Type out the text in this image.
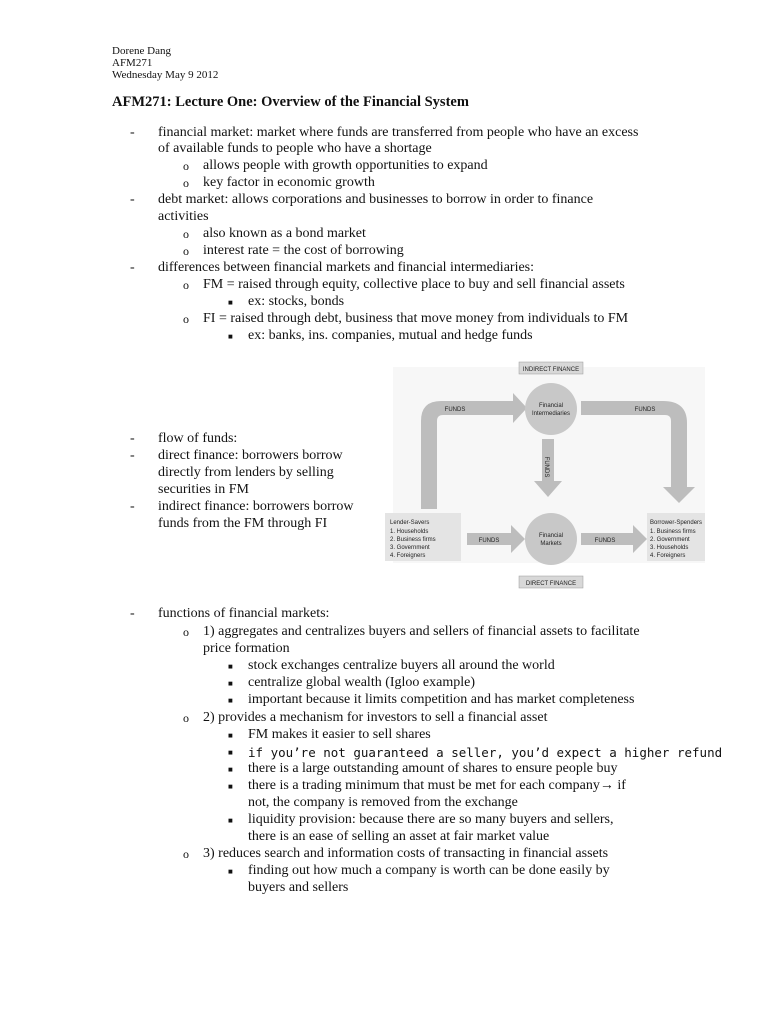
Dorene Dang
AFM271
Wednesday May 9 2012
AFM271: Lecture One: Overview of the Financial System
- financial market: market where funds are transferred from people who have an excess
of available funds to people who have a shortage
o allows people with growth opportunities to expand
o key factor in economic growth
- debt market: allows corporations and businesses to borrow in order to finance
activities
o also known as a bond market
o interest rate = the cost of borrowing
- differences between financial markets and financial intermediaries:
o FM = raised through equity, collective place to buy and sell financial assets
■ ex: stocks, bonds
o FI = raised through debt, business that move money from individuals to FM
■ ex: banks, ins. companies, mutual and hedge funds
- flow of funds:
- direct finance: borrowers borrow
directly from lenders by selling
securities in FM
- indirect finance: borrowers borrow
funds from the FM through FI
INDIRECT FINANCE
Financial
Intermediaries
Financial
Markets
FUNDS	FUNDS
FUNDS	FUNDS
FUNDS
Lender-Savers
1. Households
2. Business firms
3. Government
4. Foreigners
Borrower-Spenders
1. Business firms
2. Government
3. Households
4. Foreigners
DIRECT FINANCE
- functions of financial markets:
o 1) aggregates and centralizes buyers and sellers of financial assets to facilitate
price formation
■ stock exchanges centralize buyers all around the world
■ centralize global wealth (Igloo example)
■ important because it limits competition and has market completeness
o 2) provides a mechanism for investors to sell a financial asset
■ FM makes it easier to sell shares
■ if you’re not guaranteed a seller, you’d expect a higher refund
■ there is a large outstanding amount of shares to ensure people buy
■ there is a trading minimum that must be met for each company→ if
not, the company is removed from the exchange
■ liquidity provision: because there are so many buyers and sellers,
there is an ease of selling an asset at fair market value
o 3) reduces search and information costs of transacting in financial assets
■ finding out how much a company is worth can be done easily by
buyers and sellers
